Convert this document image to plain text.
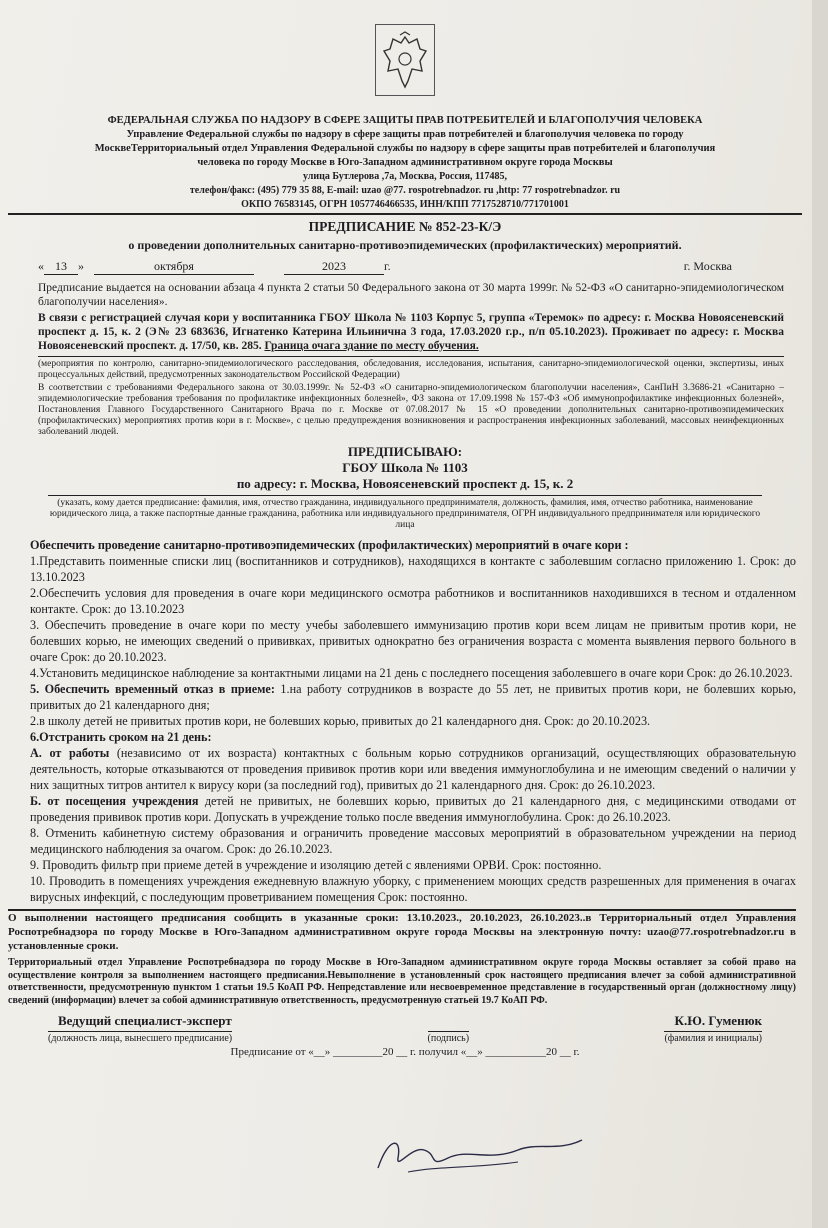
ФЕДЕРАЛЬНАЯ СЛУЖБА ПО НАДЗОРУ В СФЕРЕ ЗАЩИТЫ ПРАВ ПОТРЕБИТЕЛЕЙ И БЛАГОПОЛУЧИЯ ЧЕЛОВЕКА
Управление Федеральной службы по надзору в сфере защиты прав потребителей и благополучия человека по городу
МосквеТерриториальный отдел Управления Федеральной службы по надзору в сфере защиты прав потребителей и благополучия
человека по городу Москве в Юго-Западном административном округе города Москвы
улица Бутлерова ,7а, Москва, Россия, 117485,
телефон/факс: (495) 779 35 88, E-mail: uzao @77. rospotrebnadzor. ru ,http: 77 rospotrebnadzor. ru
ОКПО 76583145, ОГРН 1057746466535, ИНН/КПП 7717528710/771701001
ПРЕДПИСАНИЕ № 852-23-К/Э
о проведении дополнительных санитарно-противоэпидемических (профилактических) мероприятий.
« 13 »	октября	2023	г.	г. Москва
Предписание выдается на основании абзаца 4 пункта 2 статьи 50 Федерального закона от 30 марта 1999г. № 52-ФЗ «О санитарно-эпидемиологическом благополучии населения».
В связи с регистрацией случая кори у воспитанника ГБОУ Школа № 1103 Корпус 5, группа «Теремок» по адресу: г. Москва Новоясеневский проспект д. 15, к. 2 (Э№ 23 683636, Игнатенко Катерина Ильинична 3 года, 17.03.2020 г.р., п/п 05.10.2023). Проживает по адресу: г. Москва Новоясеневский проспект. д. 17/50, кв. 285. Граница очага здание по месту обучения.
(мероприятия по контролю, санитарно-эпидемиологического расследования, обследования, исследования, испытания, санитарно-эпидемиологической оценки, экспертизы, иных процессуальных действий, предусмотренных законодательством Российской Федерации)
В соответствии с требованиями Федерального закона от 30.03.1999г. № 52-ФЗ «О санитарно-эпидемиологическом благополучии населения», СанПиН 3.3686-21 «Санитарно –эпидемиологические требования требования по профилактике инфекционных болезней», ФЗ закона от 17.09.1998 № 157-ФЗ «Об иммунопрофилактике инфекционных болезней», Постановления Главного Государственного Санитарного Врача по г. Москве от 07.08.2017 № 15 «О проведении дополнительных санитарно-противоэпидемических (профилактических) мероприятиях против кори в г. Москве», с целью предупреждения возникновения и распространения инфекционных заболеваний, массовых неинфекционных заболеваний людей.
ПРЕДПИСЫВАЮ:
ГБОУ Школа № 1103
по адресу: г. Москва, Новоясеневский проспект д. 15, к. 2
(указать, кому дается предписание: фамилия, имя, отчество гражданина, индивидуального предпринимателя, должность, фамилия, имя, отчество работника, наименование юридического лица, а также паспортные данные гражданина, работника или индивидуального предпринимателя, ОГРН индивидуального предпринимателя или юридического лица

Обеспечить проведение санитарно-противоэпидемических (профилактических) мероприятий в очаге кори :

1.Представить поименные списки лиц (воспитанников и сотрудников), находящихся в контакте с заболевшим согласно приложению 1. Срок: до 13.10.2023

2.Обеспечить условия для проведения в очаге кори медицинского осмотра работников и воспитанников находившихся в тесном и отдаленном контакте. Срок: до 13.10.2023

3. Обеспечить проведение в очаге кори по месту учебы заболевшего иммунизацию против кори всем лицам не привитым против кори, не болевших корью, не имеющих сведений о прививках, привитых однократно без ограничения возраста с момента выявления первого больного в очаге Срок: до 20.10.2023.

4.Установить медицинское наблюдение за контактными лицами на 21 день с последнего посещения заболевшего в очаге кори Срок: до 26.10.2023.

5. Обеспечить временный отказ в приеме: 1.на работу сотрудников в возрасте до 55 лет, не привитых против кори, не болевших корью, привитых до 21 календарного дня;

2.в школу детей не привитых против кори, не болевших корью, привитых до 21 календарного дня. Срок: до 20.10.2023.

6.Отстранить сроком на 21 день:

А. от работы (независимо от их возраста) контактных с больным корью сотрудников организаций, осуществляющих образовательную деятельность, которые отказываются от проведения прививок против кори или введения иммуноглобулина и не имеющим сведений о наличии у них защитных титров антител к вирусу кори (за последний год), привитых до 21 календарного дня. Срок: до 26.10.2023.

Б. от посещения учреждения детей не привитых, не болевших корью, привитых до 21 календарного дня, с медицинскими отводами от проведения прививок против кори. Допускать в учреждение только после введения иммуноглобулина. Срок: до 26.10.2023.

8. Отменить кабинетную систему образования и ограничить проведение массовых мероприятий в образовательном учреждении на период медицинского наблюдения за очагом. Срок: до 26.10.2023.

9. Проводить фильтр при приеме детей в учреждение и изоляцию детей с явлениями ОРВИ. Срок: постоянно.

10. Проводить в помещениях учреждения ежедневную влажную уборку, с применением моющих средств разрешенных для применения в очагах вирусных инфекций, с последующим проветриванием помещения Срок: постоянно.

О выполнении настоящего предписания сообщить в указанные сроки: 13.10.2023., 20.10.2023, 26.10.2023..в Территориальный отдел Управления Роспотребнадзора по городу Москве в Юго-Западном административном округе города Москвы на электронную почту: uzao@77.rospotrebnadzor.ru в установленные сроки.
Территориальный отдел Управление Роспотребнадзора по городу Москве в Юго-Западном административном округе города Москвы оставляет за собой право на осуществление контроля за выполнением настоящего предписания.Невыполнение в установленный срок настоящего предписания влечет за собой административной ответственности, предусмотренную пунктом 1 статьи 19.5 КоАП РФ. Непредставление или несвоевременное представление в государственный орган (должностному лицу) сведений (информации) влечет за собой административную ответственность, предусмотренную статьей 19.7 КоАП РФ.
Ведущий специалист-эксперт	К.Ю. Гуменюк
(должность лица, вынесшего предписание)	(подпись)	(фамилия и инициалы)
Предписание от «__» _________20 __ г. получил «__» ___________20 __ г.
